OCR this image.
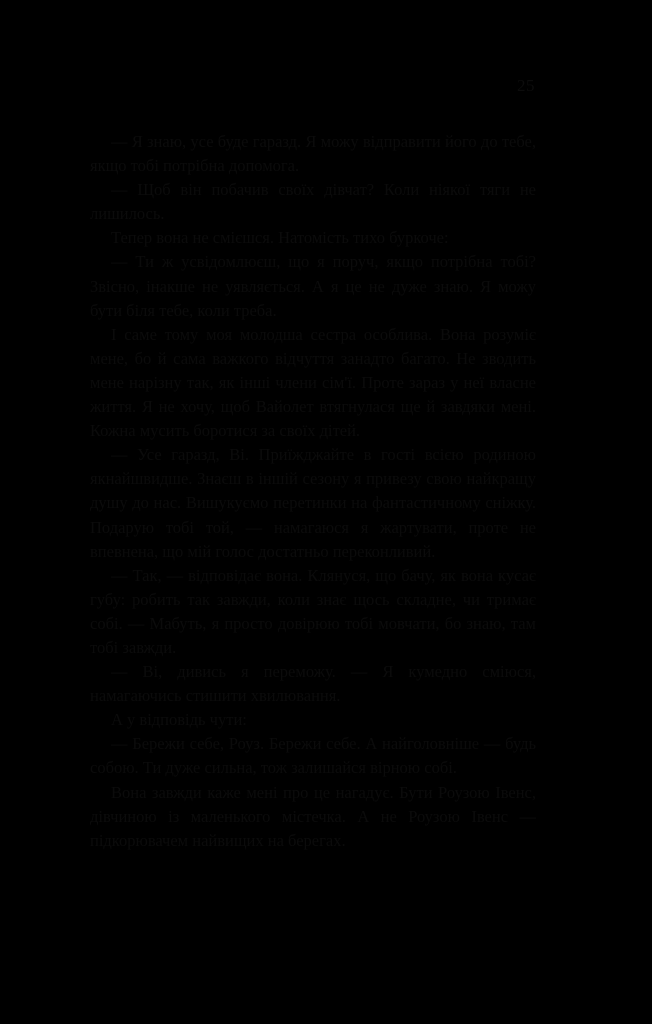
25

— Я знаю, усе буде гаразд. Я можу відправити його до тебе, якщо тобі потрібна допомога.

— Щоб він побачив своїх дівчат? Коли ніякої тяги не лишилось.

Тепер вона не смієшся. Натомість тихо буркоче:

— Ти ж усвідомлюєш, що я поруч, якщо потрібна тобі? Звісно, інакше не уявляється. А я це не дуже знаю. Я можу бути біля тебе, коли треба.

І саме тому моя молодша сестра особлива. Вона розуміє мене, бо й сама важкого відчуття занадто багато. Не зводить мене нарізну так, як інші члени сім'ї. Проте зараз у неї власне життя. Я не хочу, щоб Вайолет втягнулася ще й завдяки мені. Кожна мусить боротися за своїх дітей.

— Усе гаразд, Ві. Приїжджайте в гості всією родиною якнайшвидше. Знаєш в іншій сезону я привезу свою найкращу душу до нас. Вишукуємо перетинки на фантастичному сніжку. Подарую тобі той, — намагаюся я жартувати, проте не впевнена, що мій голос достатньо переконливий.

— Так, — відповідає вона. Клянуся, що бачу, як вона кусає губу: робить так завжди, коли знає щось складне, чи тримає собі. — Мабуть, я просто довірюю тобі мовчати, бо знаю, там тобі завжди.

— Ві, дивись я переможу. — Я кумедно сміюся, намагаючись стишити хвилювання.

А у відповідь чути:

— Бережи себе, Роуз. Бережи себе. А найголовніше — будь собою. Ти дуже сильна, тож залишайся вірною собі.

Вона завжди каже мені про це нагадує. Бути Роузою Івенс, дівчиною із маленького містечка. А не Роузою Івенс — підкорювачем найвищих на берегах.
